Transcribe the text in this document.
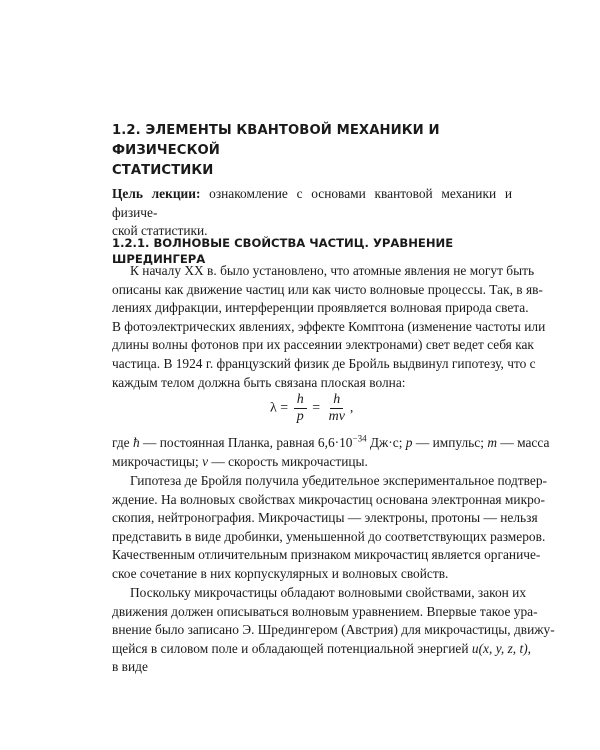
1.2. ЭЛЕМЕНТЫ КВАНТОВОЙ МЕХАНИКИ И ФИЗИЧЕСКОЙ
СТАТИСТИКИ

Цель лекции: ознакомление с основами квантовой механики и физиче-
ской статистики.

1.2.1. ВОЛНОВЫЕ СВОЙСТВА ЧАСТИЦ. УРАВНЕНИЕ ШРЕДИНГЕРА
К началу XX в. было установлено, что атомные явления не могут быть
описаны как движение частиц или как чисто волновые процессы. Так, в яв-
лениях дифракции, интерференции проявляется волновая природа света.
В фотоэлектрических явлениях, эффекте Комптона (изменение частоты или
длины волны фотонов при их рассеянии электронами) свет ведет себя как
частица. В 1924 г. французский физик де Бройль выдвинул гипотезу, что с
каждым телом должна быть связана плоская волна:
$\lambda = \frac{h}{p} = \frac{h}{mv}$ ,
где ħ — постоянная Планка, равная $6,6\cdot 10^{-34}$ Дж·с; p — импульс; m — масса
микрочастицы; v — скорость микрочастицы.
Гипотеза де Бройля получила убедительное экспериментальное подтвер-
ждение. На волновых свойствах микрочастиц основана электронная микро-
скопия, нейтронография. Микрочастицы — электроны, протоны — нельзя
представить в виде дробинки, уменьшенной до соответствующих размеров.
Качественным отличительным признаком микрочастиц является органиче-
ское сочетание в них корпускулярных и волновых свойств.
Поскольку микрочастицы обладают волновыми свойствами, закон их
движения должен описываться волновым уравнением. Впервые такое ура-
внение было записано Э. Шредингером (Австрия) для микрочастицы, движу-
щейся в силовом поле и обладающей потенциальной энергией u(x, y, z, t),
в виде
